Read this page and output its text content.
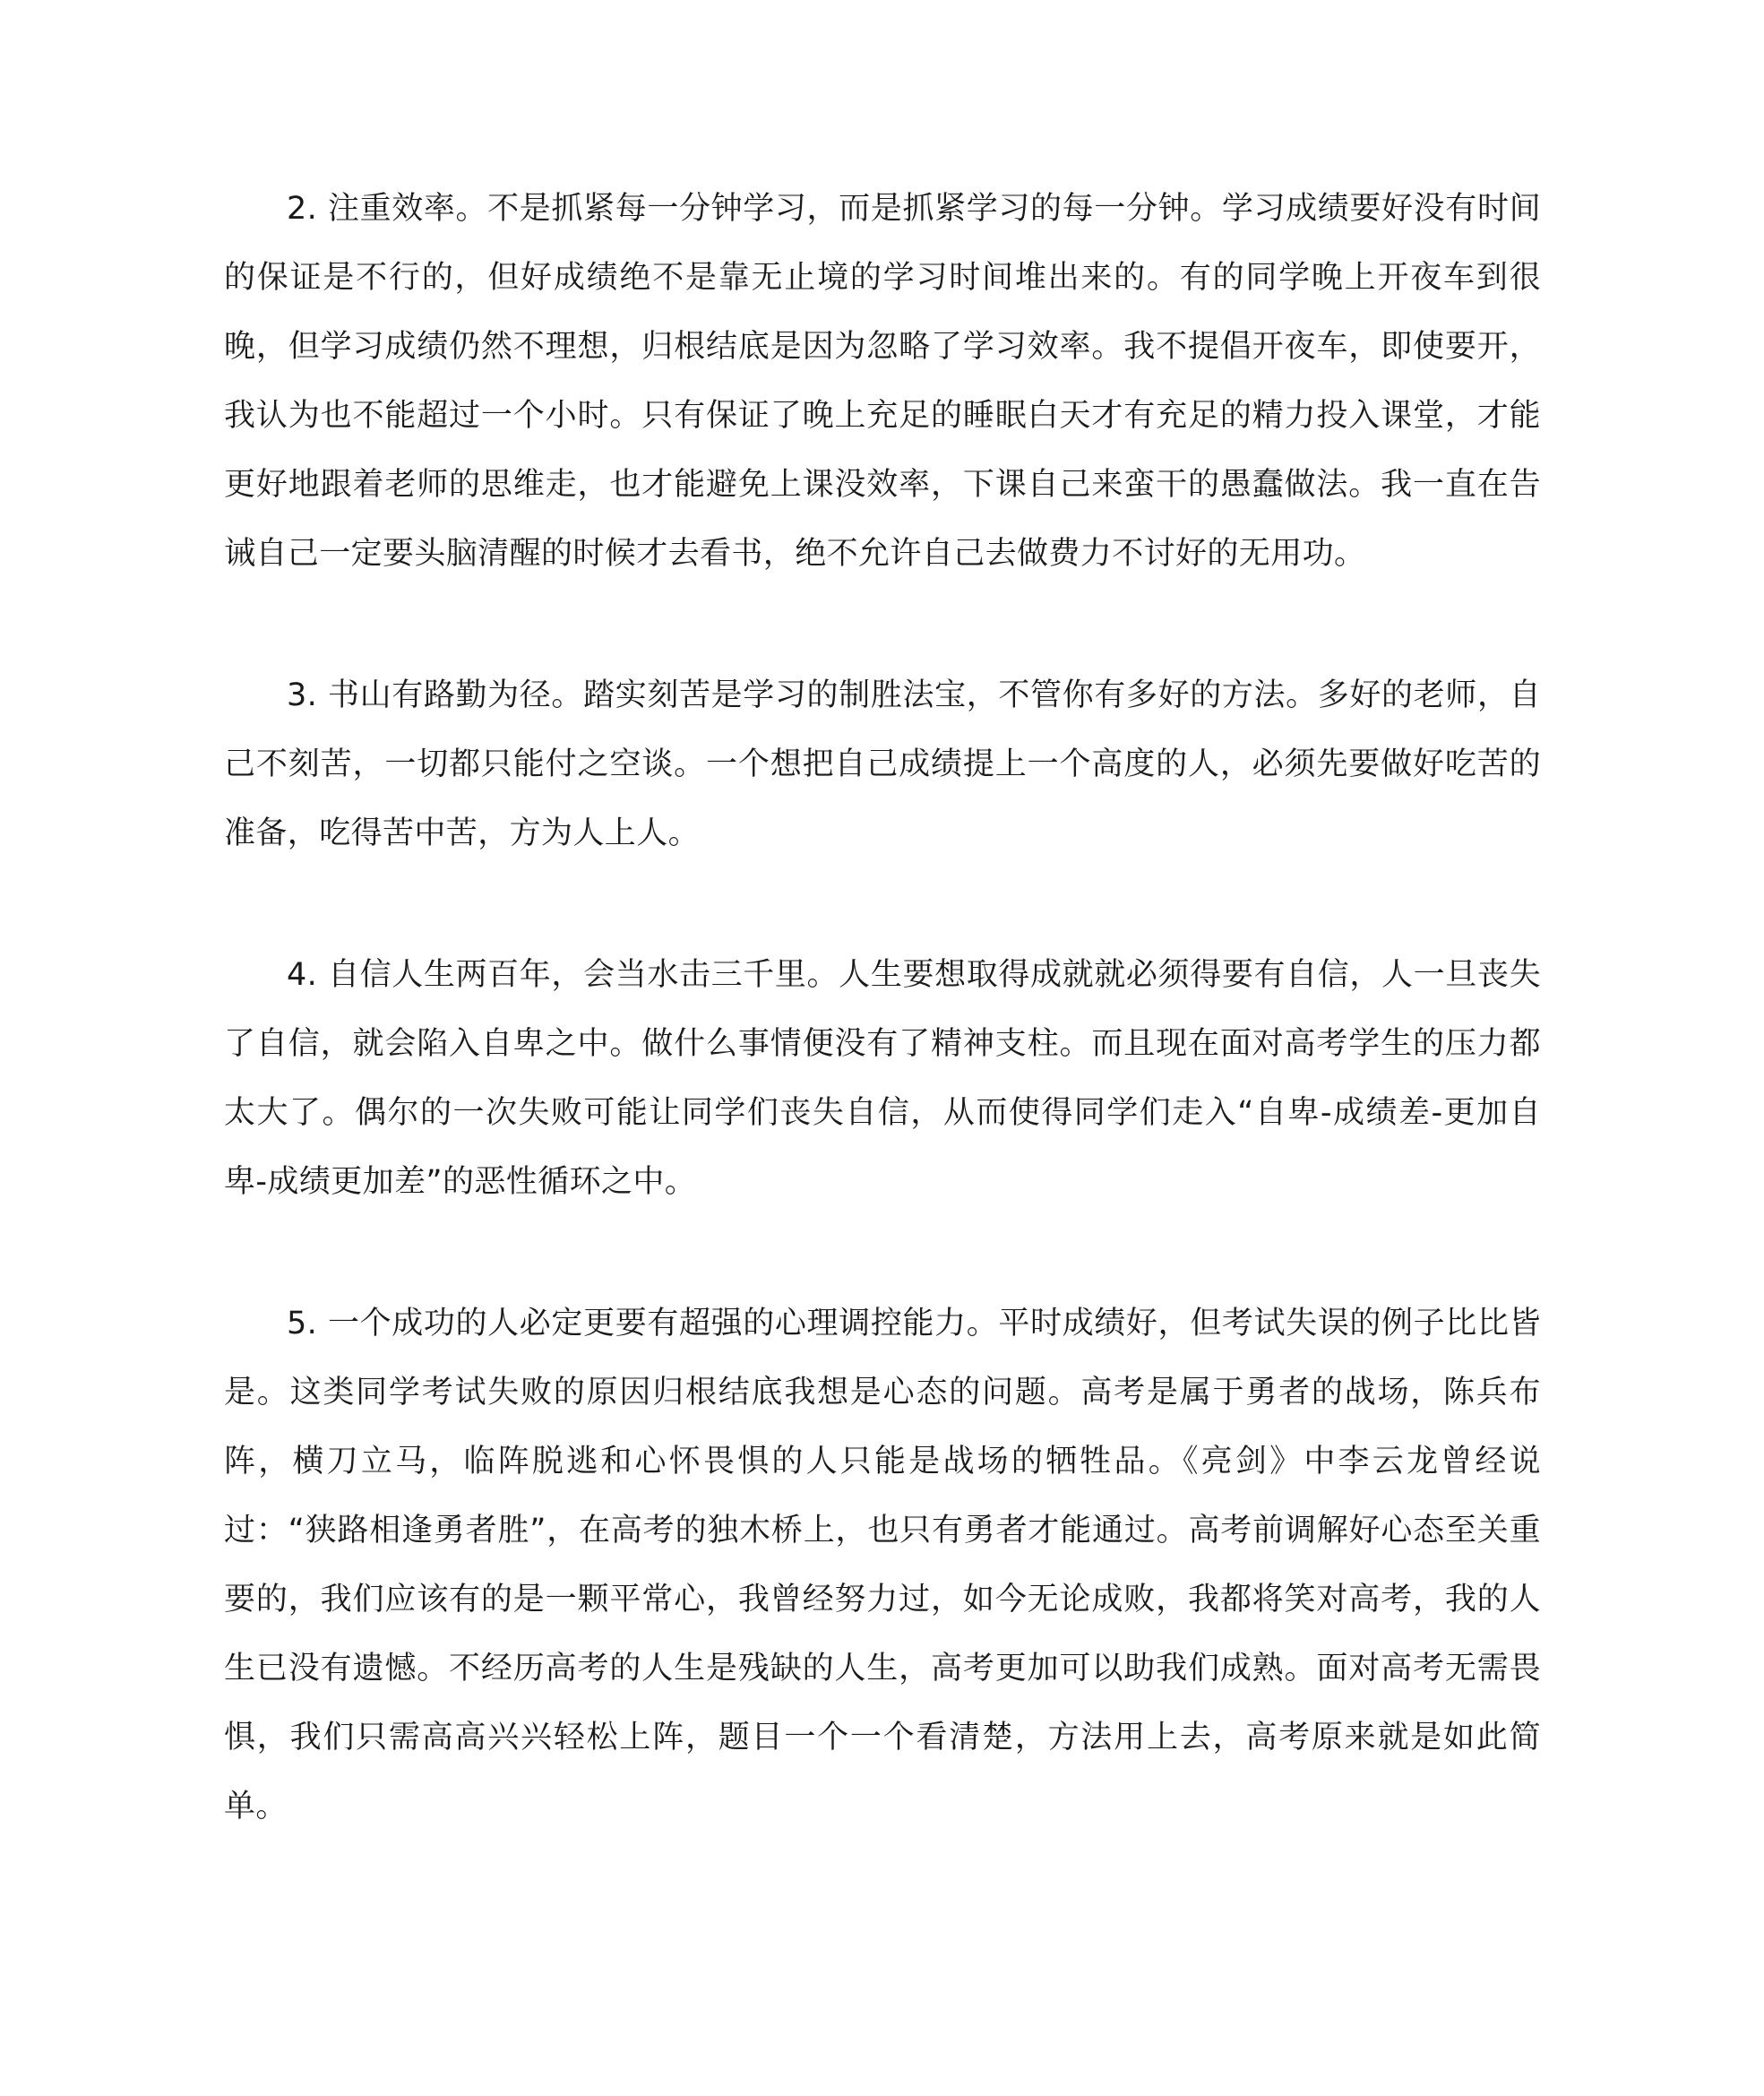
2. 注重效率。不是抓紧每一分钟学习，而是抓紧学习的每一分钟。学习成绩要好没有时间的保证是不行的，但好成绩绝不是靠无止境的学习时间堆出来的。有的同学晚上开夜车到很晚，但学习成绩仍然不理想，归根结底是因为忽略了学习效率。我不提倡开夜车，即使要开，我认为也不能超过一个小时。只有保证了晚上充足的睡眠白天才有充足的精力投入课堂，才能更好地跟着老师的思维走，也才能避免上课没效率，下课自己来蛮干的愚蠢做法。我一直在告诫自己一定要头脑清醒的时候才去看书，绝不允许自己去做费力不讨好的无用功。

3. 书山有路勤为径。踏实刻苦是学习的制胜法宝，不管你有多好的方法。多好的老师，自己不刻苦，一切都只能付之空谈。一个想把自己成绩提上一个高度的人，必须先要做好吃苦的准备，吃得苦中苦，方为人上人。

4. 自信人生两百年，会当水击三千里。人生要想取得成就就必须得要有自信，人一旦丧失了自信，就会陷入自卑之中。做什么事情便没有了精神支柱。而且现在面对高考学生的压力都太大了。偶尔的一次失败可能让同学们丧失自信，从而使得同学们走入“自卑-成绩差-更加自卑-成绩更加差”的恶性循环之中。

5. 一个成功的人必定更要有超强的心理调控能力。平时成绩好，但考试失误的例子比比皆是。这类同学考试失败的原因归根结底我想是心态的问题。高考是属于勇者的战场，陈兵布阵，横刀立马，临阵脱逃和心怀畏惧的人只能是战场的牺牲品。《亮剑》中李云龙曾经说过：“狭路相逢勇者胜”，在高考的独木桥上，也只有勇者才能通过。高考前调解好心态至关重要的，我们应该有的是一颗平常心，我曾经努力过，如今无论成败，我都将笑对高考，我的人生已没有遗憾。不经历高考的人生是残缺的人生，高考更加可以助我们成熟。面对高考无需畏惧，我们只需高高兴兴轻松上阵，题目一个一个看清楚，方法用上去，高考原来就是如此简单。
